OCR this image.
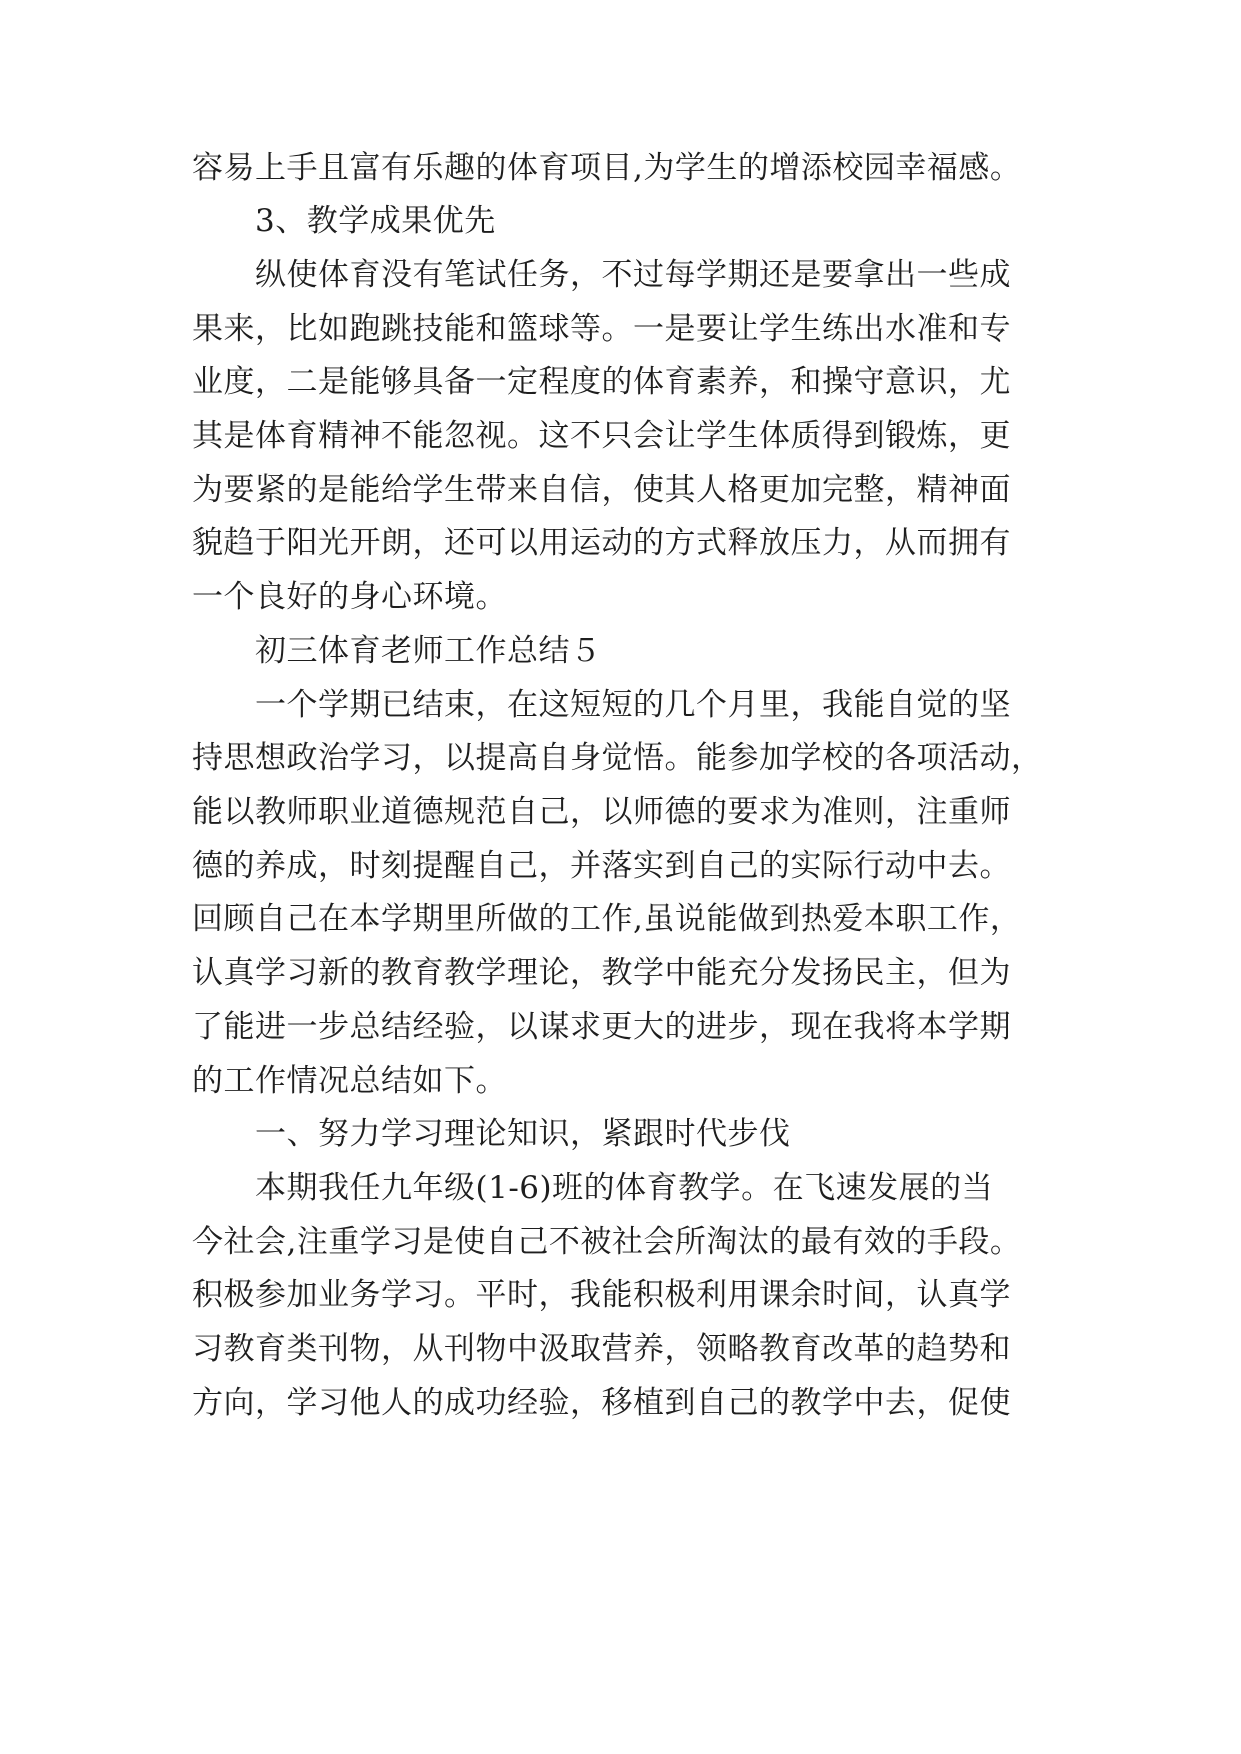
容易上手且富有乐趣的体育项目,为学生的增添校园幸福感。
3、教学成果优先
纵使体育没有笔试任务，不过每学期还是要拿出一些成
果来，比如跑跳技能和篮球等。一是要让学生练出水准和专
业度，二是能够具备一定程度的体育素养，和操守意识，尤
其是体育精神不能忽视。这不只会让学生体质得到锻炼，更
为要紧的是能给学生带来自信，使其人格更加完整，精神面
貌趋于阳光开朗，还可以用运动的方式释放压力，从而拥有
一个良好的身心环境。
初三体育老师工作总结５
一个学期已结束，在这短短的几个月里，我能自觉的坚
持思想政治学习，以提高自身觉悟。能参加学校的各项活动，
能以教师职业道德规范自己，以师德的要求为准则，注重师
德的养成，时刻提醒自己，并落实到自己的实际行动中去。
回顾自己在本学期里所做的工作,虽说能做到热爱本职工作，
认真学习新的教育教学理论，教学中能充分发扬民主，但为
了能进一步总结经验，以谋求更大的进步，现在我将本学期
的工作情况总结如下。
一、努力学习理论知识，紧跟时代步伐
本期我任九年级(1-6)班的体育教学。在飞速发展的当
今社会,注重学习是使自己不被社会所淘汰的最有效的手段。
积极参加业务学习。平时，我能积极利用课余时间，认真学
习教育类刊物，从刊物中汲取营养，领略教育改革的趋势和
方向，学习他人的成功经验，移植到自己的教学中去，促使
